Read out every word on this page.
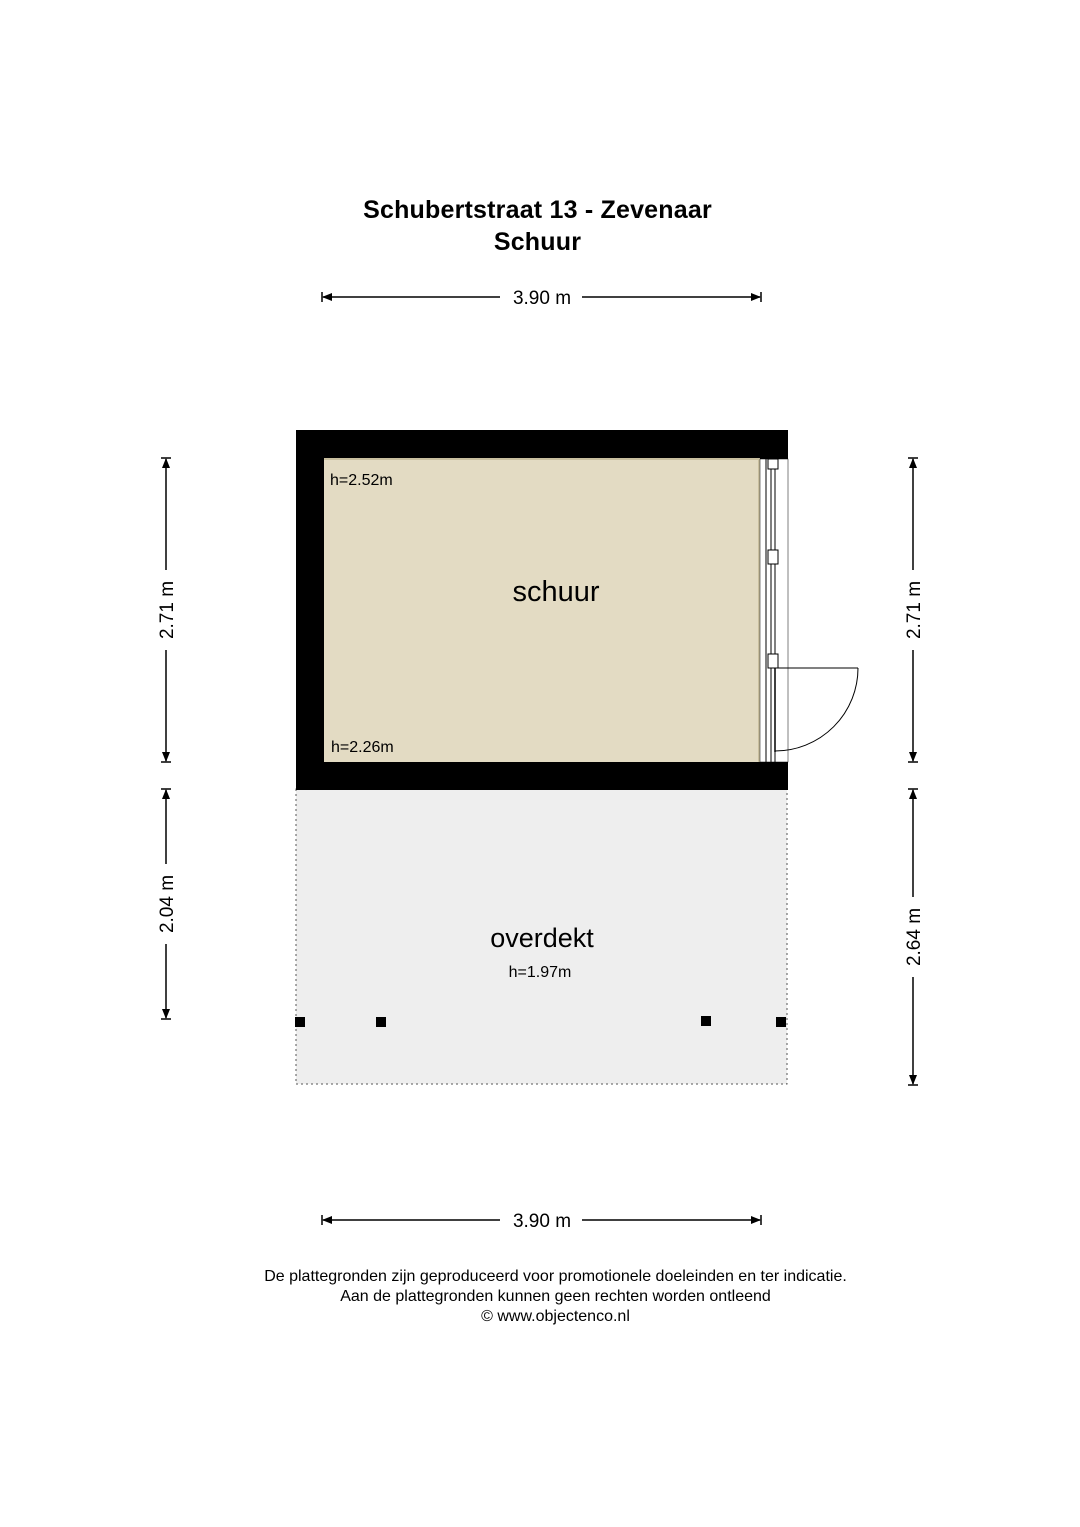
Schubertstraat 13 - Zevenaar
Schuur
3.90 m
h=2.52m
schuur
h=2.26m
overdekt
h=1.97m
2.71 m
2.04 m
2.71 m
2.64 m
3.90 m
De plattegronden zijn geproduceerd voor promotionele doeleinden en ter indicatie.
Aan de plattegronden kunnen geen rechten worden ontleend
© www.objectenco.nl
